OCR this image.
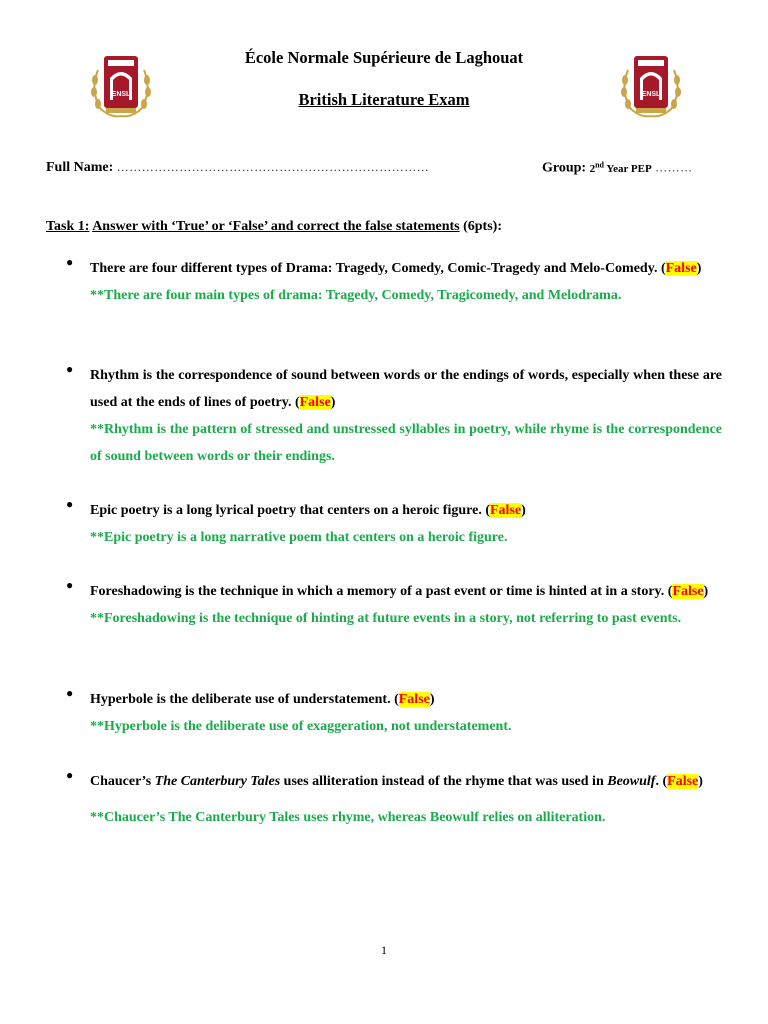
ENSL	ENSL
École Normale Supérieure de Laghouat
British Literature Exam
Full Name: …………………………………………………………………	Group: 2nd Year PEP ………
Task 1: Answer with ‘True’ or ‘False’ and correct the false statements (6pts):
● There are four different types of Drama: Tragedy, Comedy, Comic-Tragedy and Melo-Comedy. (False)
**There are four main types of drama: Tragedy, Comedy, Tragicomedy, and Melodrama.
● Rhythm is the correspondence of sound between words or the endings of words, especially when these are used at the ends of lines of poetry. (False)
**Rhythm is the pattern of stressed and unstressed syllables in poetry, while rhyme is the correspondence of sound between words or their endings.
● Epic poetry is a long lyrical poetry that centers on a heroic figure. (False)
**Epic poetry is a long narrative poem that centers on a heroic figure.
● Foreshadowing is the technique in which a memory of a past event or time is hinted at in a story. (False)
**Foreshadowing is the technique of hinting at future events in a story, not referring to past events.
● Hyperbole is the deliberate use of understatement. (False)
**Hyperbole is the deliberate use of exaggeration, not understatement.
● Chaucer’s The Canterbury Tales uses alliteration instead of the rhyme that was used in Beowulf. (False)
**Chaucer’s The Canterbury Tales uses rhyme, whereas Beowulf relies on alliteration.
1
